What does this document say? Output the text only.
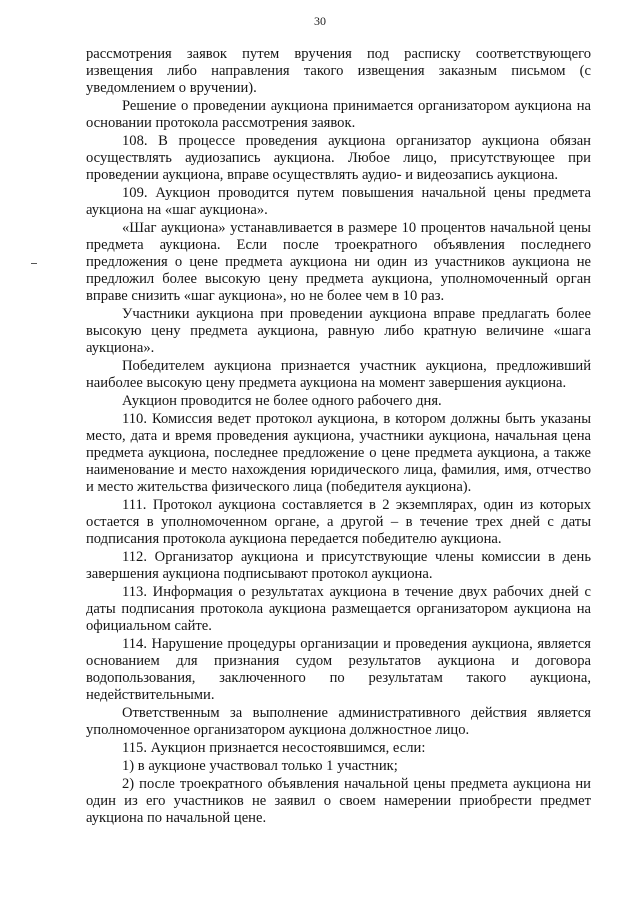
30

рассмотрения заявок путем вручения под расписку соответствующего извещения либо направления такого извещения заказным письмом (с уведомлением о вручении).

Решение о проведении аукциона принимается организатором аукциона на основании протокола рассмотрения заявок.

108. В процессе проведения аукциона организатор аукциона обязан осуществлять аудиозапись аукциона. Любое лицо, присутствующее при проведении аукциона, вправе осуществлять аудио- и видеозапись аукциона.

109. Аукцион проводится путем повышения начальной цены предмета аукциона на «шаг аукциона».

«Шаг аукциона» устанавливается в размере 10 процентов начальной цены предмета аукциона. Если после троекратного объявления последнего предложения о цене предмета аукциона ни один из участников аукциона не предложил более высокую цену предмета аукциона, уполномоченный орган вправе снизить «шаг аукциона», но не более чем в 10 раз.

Участники аукциона при проведении аукциона вправе предлагать более высокую цену предмета аукциона, равную либо кратную величине «шага аукциона».

Победителем аукциона признается участник аукциона, предложивший наиболее высокую цену предмета аукциона на момент завершения аукциона.

Аукцион проводится не более одного рабочего дня.

110. Комиссия ведет протокол аукциона, в котором должны быть указаны место, дата и время проведения аукциона, участники аукциона, начальная цена предмета аукциона, последнее предложение о цене предмета аукциона, а также наименование и место нахождения юридического лица, фамилия, имя, отчество и место жительства физического лица (победителя аукциона).

111. Протокол аукциона составляется в 2 экземплярах, один из которых остается в уполномоченном органе, а другой – в течение трех дней с даты подписания протокола аукциона передается победителю аукциона.

112. Организатор аукциона и присутствующие члены комиссии в день завершения аукциона подписывают протокол аукциона.

113. Информация о результатах аукциона в течение двух рабочих дней с даты подписания протокола аукциона размещается организатором аукциона на официальном сайте.

114. Нарушение процедуры организации и проведения аукциона, является основанием для признания судом результатов аукциона и договора водопользования, заключенного по результатам такого аукциона, недействительными.

Ответственным за выполнение административного действия является уполномоченное организатором аукциона должностное лицо.

115. Аукцион признается несостоявшимся, если:

1) в аукционе участвовал только 1 участник;

2) после троекратного объявления начальной цены предмета аукциона ни один из его участников не заявил о своем намерении приобрести предмет аукциона по начальной цене.
